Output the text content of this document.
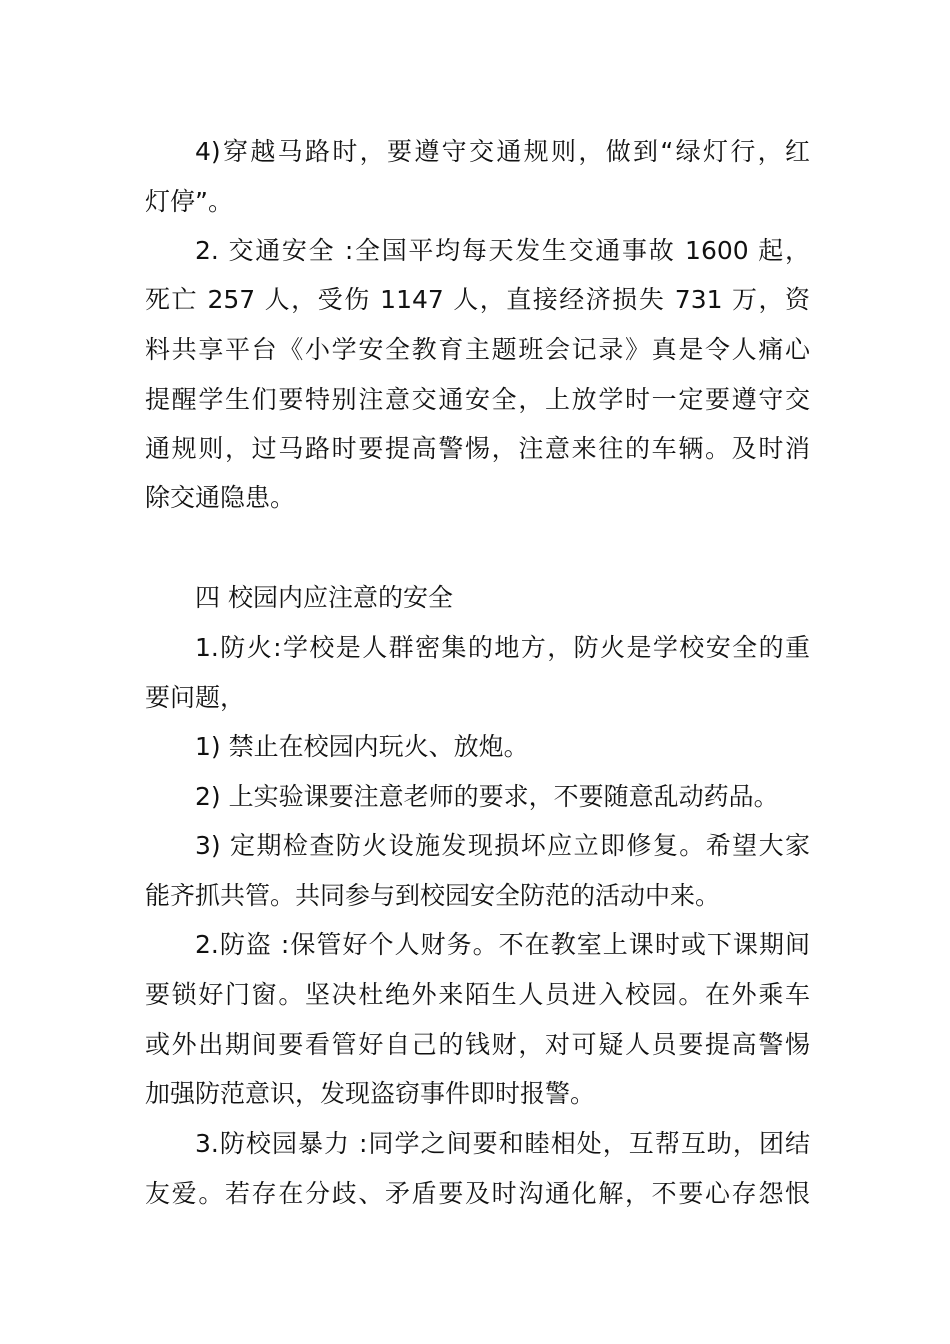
4)穿越马路时，要遵守交通规则，做到“绿灯行，红
灯停”。
2. 交通安全 :全国平均每天发生交通事故 1600 起，
死亡 257 人，受伤 1147 人，直接经济损失 731 万，资
料共享平台《小学安全教育主题班会记录》真是令人痛心
提醒学生们要特别注意交通安全，上放学时一定要遵守交
通规则，过马路时要提高警惕，注意来往的车辆。及时消
除交通隐患。
四 校园内应注意的安全
1.防火:学校是人群密集的地方，防火是学校安全的重
要问题，
1) 禁止在校园内玩火、放炮。
2) 上实验课要注意老师的要求，不要随意乱动药品。
3) 定期检查防火设施发现损坏应立即修复。希望大家
能齐抓共管。共同参与到校园安全防范的活动中来。
2.防盗 :保管好个人财务。不在教室上课时或下课期间
要锁好门窗。坚决杜绝外来陌生人员进入校园。在外乘车
或外出期间要看管好自己的钱财，对可疑人员要提高警惕
加强防范意识，发现盗窃事件即时报警。
3.防校园暴力 :同学之间要和睦相处，互帮互助，团结
友爱。若存在分歧、矛盾要及时沟通化解，不要心存怨恨
